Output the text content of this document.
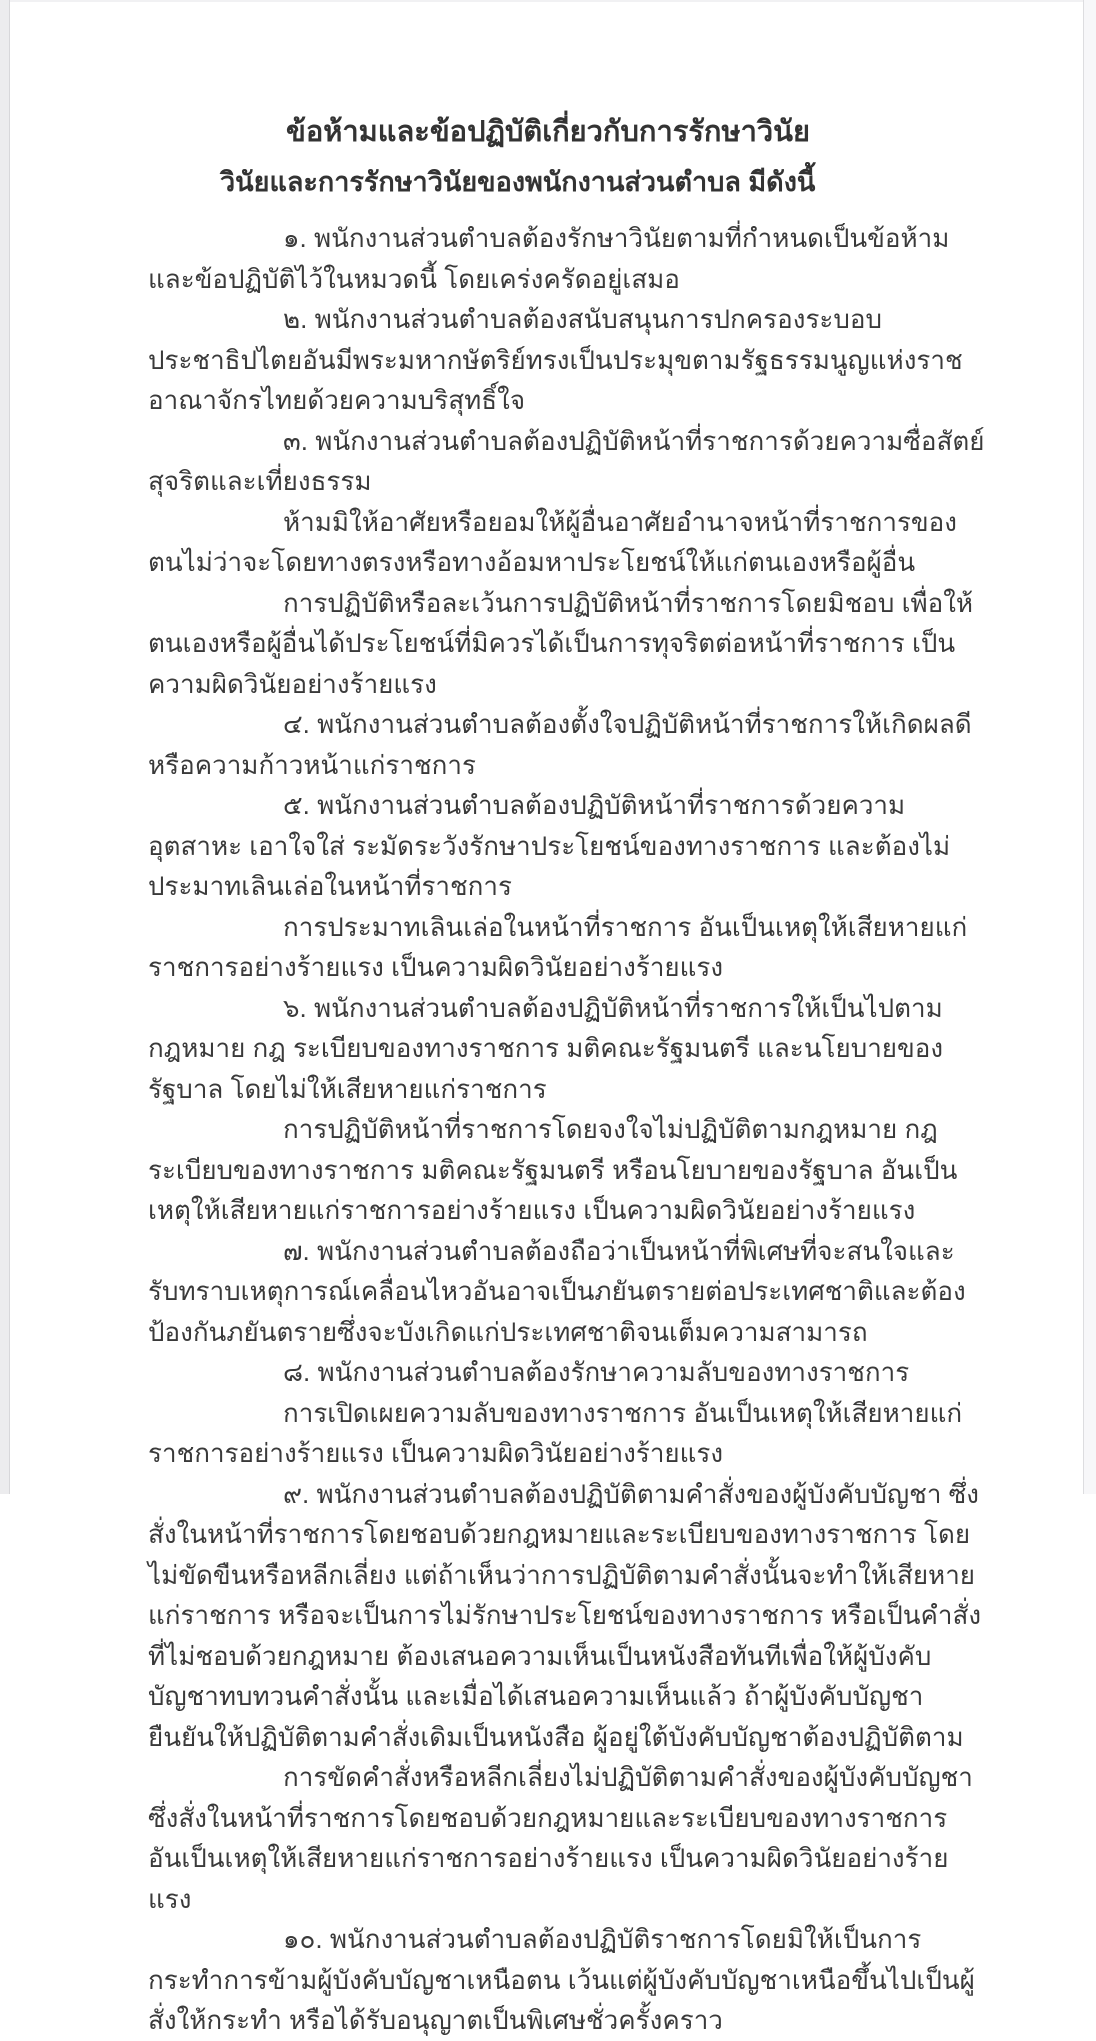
ข้อห้ามและข้อปฏิบัติเกี่ยวกับการรักษาวินัย
วินัยและการรักษาวินัยของพนักงานส่วนตำบล มีดังนี้

๑. พนักงานส่วนตำบลต้องรักษาวินัยตามที่กำหนดเป็นข้อห้ามและข้อปฏิบัติไว้ในหมวดนี้ โดยเคร่งครัดอยู่เสมอ

๒. พนักงานส่วนตำบลต้องสนับสนุนการปกครองระบอบประชาธิปไตยอันมีพระมหากษัตริย์ทรงเป็นประมุขตามรัฐธรรมนูญแห่งราชอาณาจักรไทยด้วยความบริสุทธิ์ใจ

๓. พนักงานส่วนตำบลต้องปฏิบัติหน้าที่ราชการด้วยความซื่อสัตย์สุจริตและเที่ยงธรรม

ห้ามมิให้อาศัยหรือยอมให้ผู้อื่นอาศัยอำนาจหน้าที่ราชการของตนไม่ว่าจะโดยทางตรงหรือทางอ้อมหาประโยชน์ให้แก่ตนเองหรือผู้อื่น

การปฏิบัติหรือละเว้นการปฏิบัติหน้าที่ราชการโดยมิชอบ เพื่อให้ตนเองหรือผู้อื่นได้ประโยชน์ที่มิควรได้เป็นการทุจริตต่อหน้าที่ราชการ เป็นความผิดวินัยอย่างร้ายแรง

๔. พนักงานส่วนตำบลต้องตั้งใจปฏิบัติหน้าที่ราชการให้เกิดผลดีหรือความก้าวหน้าแก่ราชการ

๕. พนักงานส่วนตำบลต้องปฏิบัติหน้าที่ราชการด้วยความอุตสาหะ เอาใจใส่ ระมัดระวังรักษาประโยชน์ของทางราชการ และต้องไม่ประมาทเลินเล่อในหน้าที่ราชการ

การประมาทเลินเล่อในหน้าที่ราชการ อันเป็นเหตุให้เสียหายแก่ราชการอย่างร้ายแรง เป็นความผิดวินัยอย่างร้ายแรง

๖. พนักงานส่วนตำบลต้องปฏิบัติหน้าที่ราชการให้เป็นไปตามกฎหมาย กฎ ระเบียบของทางราชการ มติคณะรัฐมนตรี และนโยบายของรัฐบาล โดยไม่ให้เสียหายแก่ราชการ

การปฏิบัติหน้าที่ราชการโดยจงใจไม่ปฏิบัติตามกฎหมาย กฎ ระเบียบของทางราชการ มติคณะรัฐมนตรี หรือนโยบายของรัฐบาล อันเป็นเหตุให้เสียหายแก่ราชการอย่างร้ายแรง เป็นความผิดวินัยอย่างร้ายแรง

๗. พนักงานส่วนตำบลต้องถือว่าเป็นหน้าที่พิเศษที่จะสนใจและรับทราบเหตุการณ์เคลื่อนไหวอันอาจเป็นภยันตรายต่อประเทศชาติและต้องป้องกันภยันตรายซึ่งจะบังเกิดแก่ประเทศชาติจนเต็มความสามารถ

๘. พนักงานส่วนตำบลต้องรักษาความลับของทางราชการ

การเปิดเผยความลับของทางราชการ อันเป็นเหตุให้เสียหายแก่ราชการอย่างร้ายแรง เป็นความผิดวินัยอย่างร้ายแรง

๙. พนักงานส่วนตำบลต้องปฏิบัติตามคำสั่งของผู้บังคับบัญชา ซึ่งสั่งในหน้าที่ราชการโดยชอบด้วยกฎหมายและระเบียบของทางราชการ โดยไม่ขัดขืนหรือหลีกเลี่ยง แต่ถ้าเห็นว่าการปฏิบัติตามคำสั่งนั้นจะทำให้เสียหายแก่ราชการ หรือจะเป็นการไม่รักษาประโยชน์ของทางราชการ หรือเป็นคำสั่งที่ไม่ชอบด้วยกฎหมาย ต้องเสนอความเห็นเป็นหนังสือทันทีเพื่อให้ผู้บังคับบัญชาทบทวนคำสั่งนั้น และเมื่อได้เสนอความเห็นแล้ว ถ้าผู้บังคับบัญชายืนยันให้ปฏิบัติตามคำสั่งเดิมเป็นหนังสือ ผู้อยู่ใต้บังคับบัญชาต้องปฏิบัติตาม

การขัดคำสั่งหรือหลีกเลี่ยงไม่ปฏิบัติตามคำสั่งของผู้บังคับบัญชาซึ่งสั่งในหน้าที่ราชการโดยชอบด้วยกฎหมายและระเบียบของทางราชการ อันเป็นเหตุให้เสียหายแก่ราชการอย่างร้ายแรง เป็นความผิดวินัยอย่างร้ายแรง

๑๐. พนักงานส่วนตำบลต้องปฏิบัติราชการโดยมิให้เป็นการกระทำการข้ามผู้บังคับบัญชาเหนือตน เว้นแต่ผู้บังคับบัญชาเหนือขึ้นไปเป็นผู้สั่งให้กระทำ หรือได้รับอนุญาตเป็นพิเศษชั่วครั้งคราว
